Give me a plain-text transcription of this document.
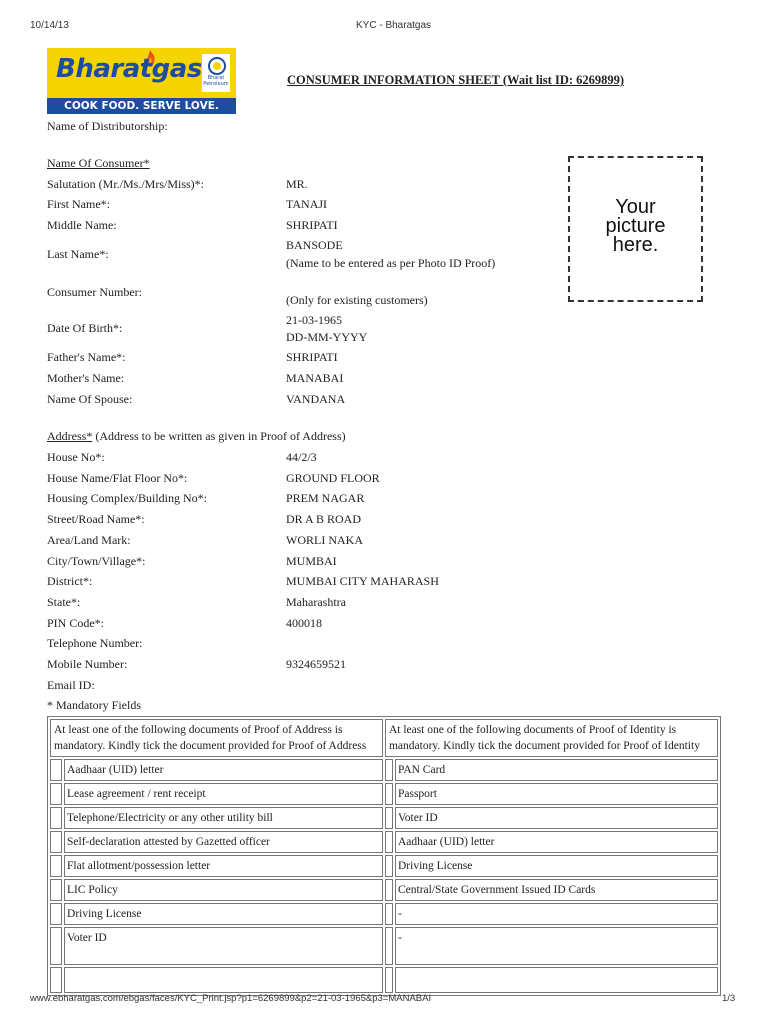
10/14/13	KYC - Bharatgas
Bharatgas	Bharat Petroleum
COOK FOOD. SERVE LOVE.
CONSUMER INFORMATION SHEET (Wait list ID: 6269899)
Your
picture
here.
Name of Distributorship:
Name Of Consumer*
Salutation (Mr./Ms./Mrs/Miss)*:	MR.
First Name*:	TANAJI
Middle Name:	SHRIPATI
Last Name*:
BANSODE
(Name to be entered as per Photo ID Proof)
Consumer Number:
(Only for existing customers)
Date Of Birth*:
21-03-1965
DD-MM-YYYY
Father's Name*:	SHRIPATI
Mother's Name:	MANABAI
Name Of Spouse:	VANDANA
Address* (Address to be written as given in Proof of Address)
House No*:	44/2/3
House Name/Flat Floor No*:	GROUND FLOOR
Housing Complex/Building No*:	PREM NAGAR
Street/Road Name*:	DR A B ROAD
Area/Land Mark:	WORLI NAKA
City/Town/Village*:	MUMBAI
District*:	MUMBAI CITY MAHARASH
State*:	Maharashtra
PIN Code*:	400018
Telephone Number:
Mobile Number:	9324659521
Email ID:
* Mandatory Fields
At least one of the following documents of Proof of Address is mandatory. Kindly tick the document provided for Proof of Address		At least one of the following documents of Proof of Identity is mandatory. Kindly tick the document provided for Proof of Identity	
	Aadhaar (UID) letter		PAN Card
	Lease agreement / rent receipt		Passport
	Telephone/Electricity or any other utility bill		Voter ID
	Self-declaration attested by Gazetted officer		Aadhaar (UID) letter
	Flat allotment/possession letter		Driving License
	LIC Policy		Central/State Government Issued ID Cards
	Driving License		-
	Voter ID		-

www.ebharatgas.com/ebgas/faces/KYC_Print.jsp?p1=6269899&p2=21-03-1965&p3=MANABAI	1/3
